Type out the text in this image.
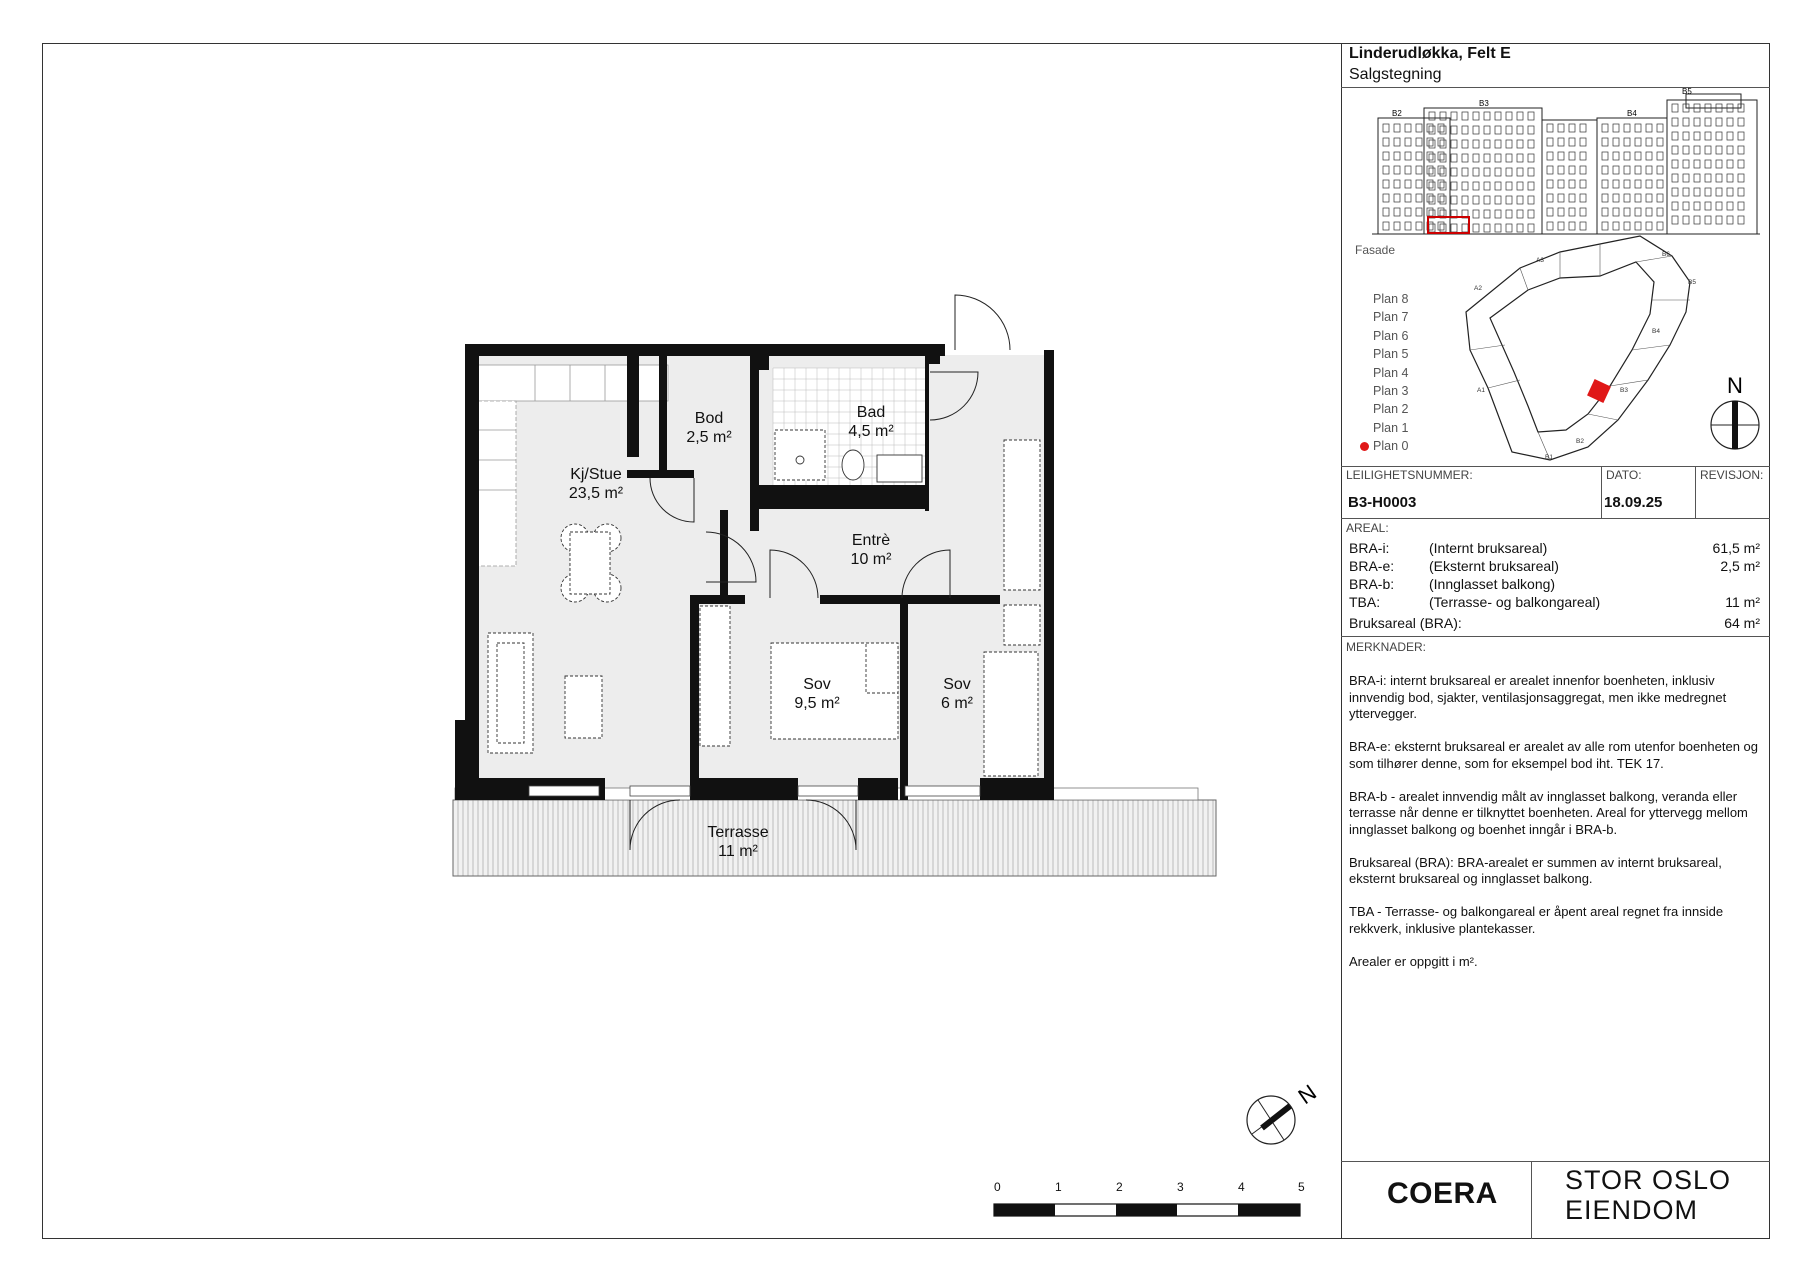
Linderudløkka, Felt E
Salgstegning
B2
B3
B4
B5
Fasade
A3
A2
A1
B6
B5
B4
B3
B2
B1
N
Plan 8
Plan 7
Plan 6
Plan 5
Plan 4
Plan 3
Plan 2
Plan 1
Plan 0
LEILIGHETSNUMMER:
B3-H0003
DATO:
18.09.25
REVISJON:
AREAL:
BRA-i:	(Internt bruksareal)	61,5 m²
BRA-e: (Eksternt bruksareal)	2,5 m²
BRA-b: (Innglasset balkong)
TBA:	(Terrasse- og balkongareal)	11 m²
Bruksareal (BRA):	64 m²
MERKNADER:

BRA-i: internt bruksareal er arealet innenfor boenheten, inklusiv innvendig bod, sjakter, ventilasjonsaggregat, men ikke medregnet yttervegger.

BRA-e: eksternt bruksareal er arealet av alle rom utenfor boenheten og som tilhører denne, som for eksempel bod iht. TEK 17.

BRA-b - arealet innvendig målt av innglasset balkong, veranda eller terrasse når denne er tilknyttet boenheten. Areal for yttervegg mellom innglasset balkong og boenhet inngår i BRA-b.

Bruksareal (BRA): BRA-arealet er summen av internt bruksareal, eksternt bruksareal og innglasset balkong.

TBA - Terrasse- og balkongareal er åpent areal regnet fra innside rekkverk, inklusive plantekasser.

Arealer er oppgitt i m².

COERA STOR OSLO
EIENDOM
Kj/Stue
23,5 m²
Bod
2,5 m²
Bad
4,5 m²
Entrè
10 m²
Sov
9,5 m²
Sov
6 m²
Terrasse
11 m²
N
0	1	2	3	4	5
